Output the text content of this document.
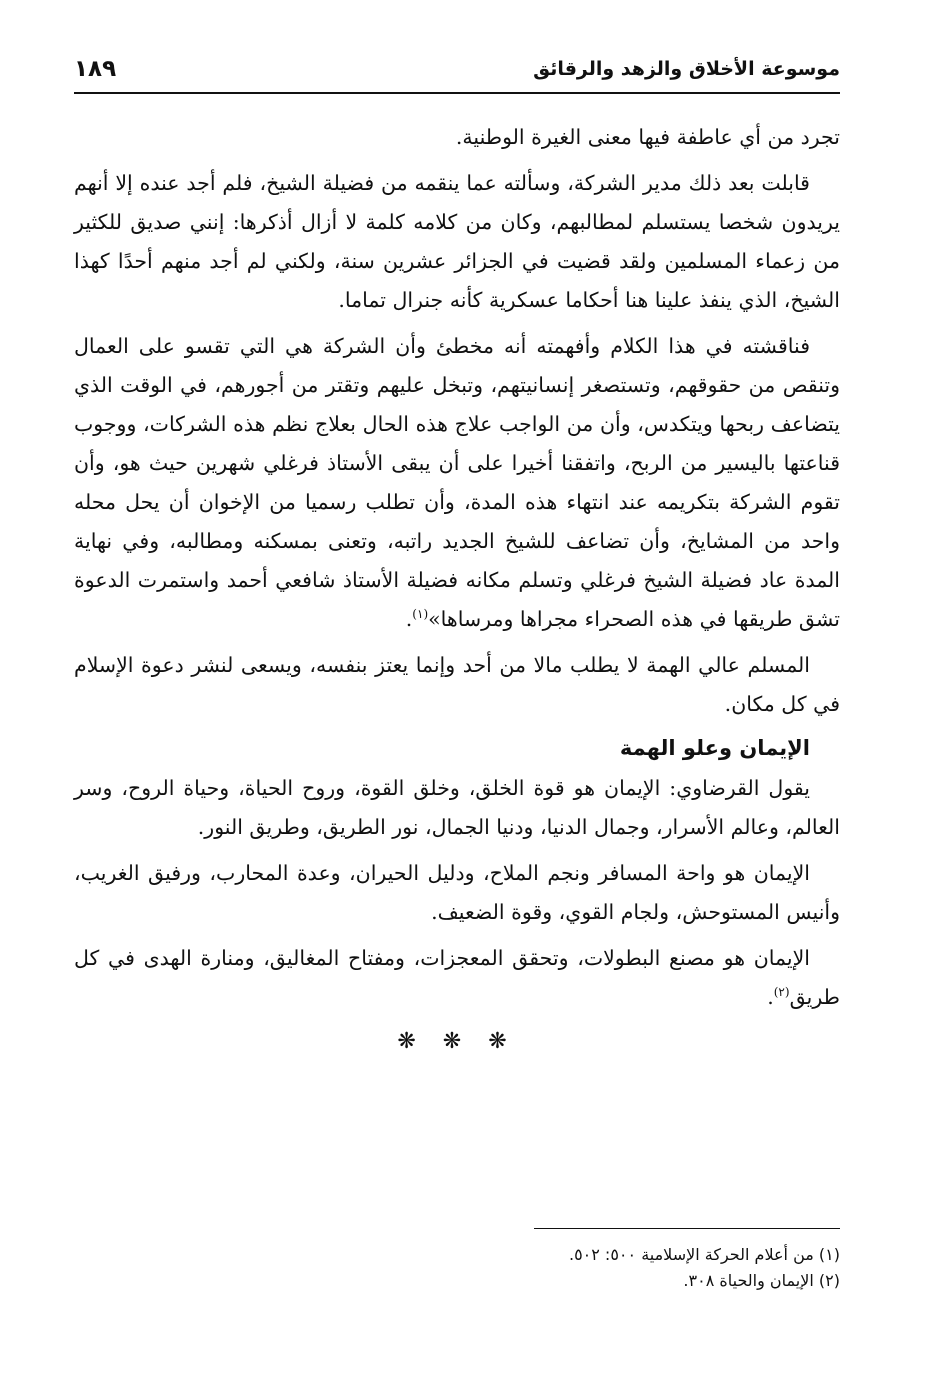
موسوعة الأخلاق والزهد والرقائق
١٨٩

تجرد من أي عاطفة فيها معنى الغيرة الوطنية.

قابلت بعد ذلك مدير الشركة، وسألته عما ينقمه من فضيلة الشيخ، فلم أجد عنده إلا أنهم يريدون شخصا يستسلم لمطالبهم، وكان من كلامه كلمة لا أزال أذكرها: إنني صديق للكثير من زعماء المسلمين ولقد قضيت في الجزائر عشرين سنة، ولكني لم أجد منهم أحدًا كهذا الشيخ، الذي ينفذ علينا هنا أحكاما عسكرية كأنه جنرال تماما.

فناقشته في هذا الكلام وأفهمته أنه مخطئ وأن الشركة هي التي تقسو على العمال وتنقص من حقوقهم، وتستصغر إنسانيتهم، وتبخل عليهم وتقتر من أجورهم، في الوقت الذي يتضاعف ربحها ويتكدس، وأن من الواجب علاج هذه الحال بعلاج نظم هذه الشركات، ووجوب قناعتها باليسير من الربح، واتفقنا أخيرا على أن يبقى الأستاذ فرغلي شهرين حيث هو، وأن تقوم الشركة بتكريمه عند انتهاء هذه المدة، وأن تطلب رسميا من الإخوان أن يحل محله واحد من المشايخ، وأن تضاعف للشيخ الجديد راتبه، وتعنى بمسكنه ومطالبه، وفي نهاية المدة عاد فضيلة الشيخ فرغلي وتسلم مكانه فضيلة الأستاذ شافعي أحمد واستمرت الدعوة تشق طريقها في هذه الصحراء مجراها ومرساها»$^{(١)}$.

المسلم عالي الهمة لا يطلب مالا من أحد وإنما يعتز بنفسه، ويسعى لنشر دعوة الإسلام في كل مكان.

الإيمان وعلو الهمة

يقول القرضاوي: الإيمان هو قوة الخلق، وخلق القوة، وروح الحياة، وحياة الروح، وسر العالم، وعالم الأسرار، وجمال الدنيا، ودنيا الجمال، نور الطريق، وطريق النور.

الإيمان هو واحة المسافر ونجم الملاح، ودليل الحيران، وعدة المحارب، ورفيق الغريب، وأنيس المستوحش، ولجام القوي، وقوة الضعيف.

الإيمان هو مصنع البطولات، وتحقق المعجزات، ومفتاح المغاليق، ومنارة الهدى في كل طريق$^{(٢)}$.

❋ ❋ ❋
(١) من أعلام الحركة الإسلامية ٥٠٠: ٥٠٢.
(٢) الإيمان والحياة ٣٠٨.
